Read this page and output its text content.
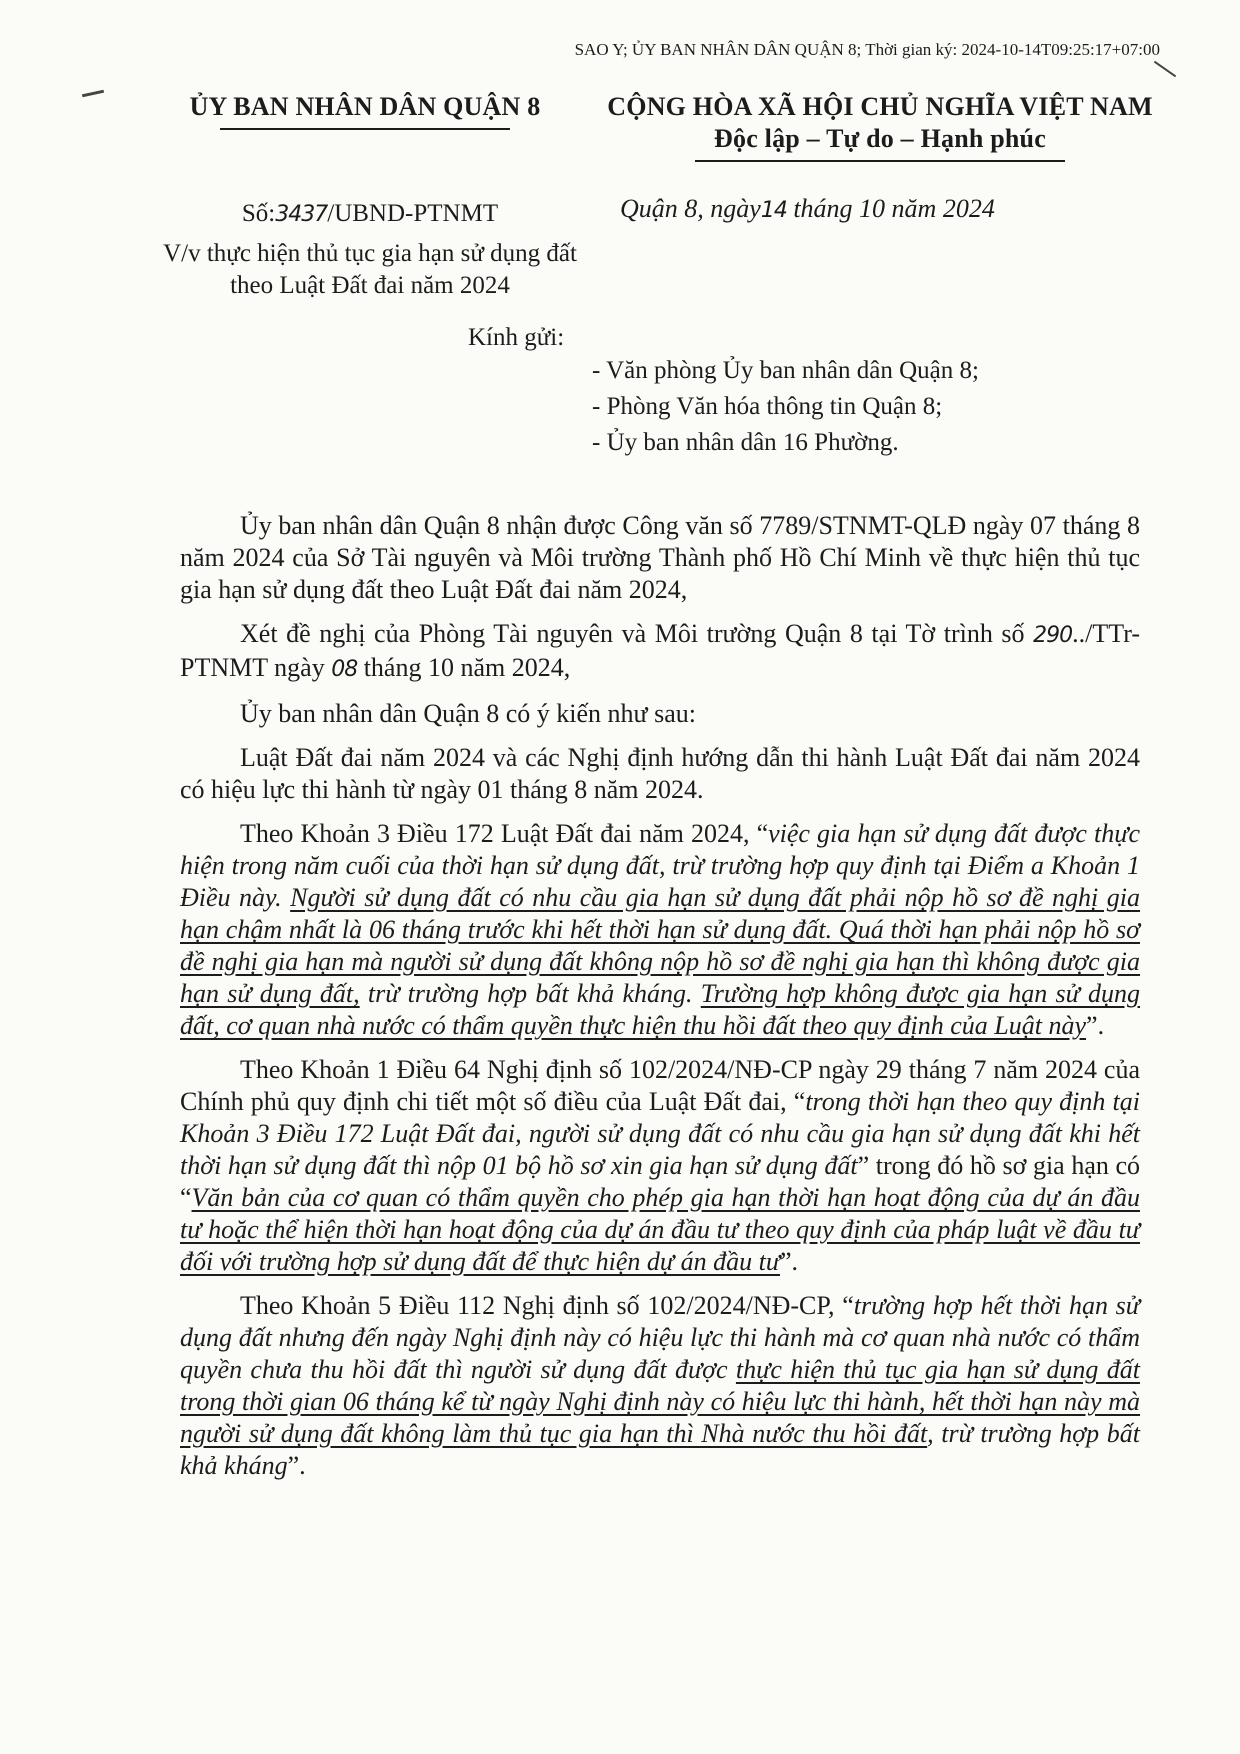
SAO Y; ỦY BAN NHÂN DÂN QUẬN 8; Thời gian ký: 2024-10-14T09:25:17+07:00
ỦY BAN NHÂN DÂN QUẬN 8	CỘNG HÒA XÃ HỘI CHỦ NGHĨA VIỆT NAM
Độc lập – Tự do – Hạnh phúc
Số:3437/UBND-PTNMT
V/v thực hiện thủ tục gia hạn sử dụng đất
theo Luật Đất đai năm 2024
Quận 8, ngày14 tháng 10 năm 2024
Kính gửi:
- Văn phòng Ủy ban nhân dân Quận 8;
- Phòng Văn hóa thông tin Quận 8;
- Ủy ban nhân dân 16 Phường.

Ủy ban nhân dân Quận 8 nhận được Công văn số 7789/STNMT-QLĐ ngày 07 tháng 8 năm 2024 của Sở Tài nguyên và Môi trường Thành phố Hồ Chí Minh về thực hiện thủ tục gia hạn sử dụng đất theo Luật Đất đai năm 2024,

Xét đề nghị của Phòng Tài nguyên và Môi trường Quận 8 tại Tờ trình số 290../TTr-PTNMT ngày 08 tháng 10 năm 2024,

Ủy ban nhân dân Quận 8 có ý kiến như sau:

Luật Đất đai năm 2024 và các Nghị định hướng dẫn thi hành Luật Đất đai năm 2024 có hiệu lực thi hành từ ngày 01 tháng 8 năm 2024.

Theo Khoản 3 Điều 172 Luật Đất đai năm 2024, “việc gia hạn sử dụng đất được thực hiện trong năm cuối của thời hạn sử dụng đất, trừ trường hợp quy định tại Điểm a Khoản 1 Điều này. Người sử dụng đất có nhu cầu gia hạn sử dụng đất phải nộp hồ sơ đề nghị gia hạn chậm nhất là 06 tháng trước khi hết thời hạn sử dụng đất. Quá thời hạn phải nộp hồ sơ đề nghị gia hạn mà người sử dụng đất không nộp hồ sơ đề nghị gia hạn thì không được gia hạn sử dụng đất, trừ trường hợp bất khả kháng. Trường hợp không được gia hạn sử dụng đất, cơ quan nhà nước có thẩm quyền thực hiện thu hồi đất theo quy định của Luật này”.

Theo Khoản 1 Điều 64 Nghị định số 102/2024/NĐ-CP ngày 29 tháng 7 năm 2024 của Chính phủ quy định chi tiết một số điều của Luật Đất đai, “trong thời hạn theo quy định tại Khoản 3 Điều 172 Luật Đất đai, người sử dụng đất có nhu cầu gia hạn sử dụng đất khi hết thời hạn sử dụng đất thì nộp 01 bộ hồ sơ xin gia hạn sử dụng đất” trong đó hồ sơ gia hạn có “Văn bản của cơ quan có thẩm quyền cho phép gia hạn thời hạn hoạt động của dự án đầu tư hoặc thể hiện thời hạn hoạt động của dự án đầu tư theo quy định của pháp luật về đầu tư đối với trường hợp sử dụng đất để thực hiện dự án đầu tư”.

Theo Khoản 5 Điều 112 Nghị định số 102/2024/NĐ-CP, “trường hợp hết thời hạn sử dụng đất nhưng đến ngày Nghị định này có hiệu lực thi hành mà cơ quan nhà nước có thẩm quyền chưa thu hồi đất thì người sử dụng đất được thực hiện thủ tục gia hạn sử dụng đất trong thời gian 06 tháng kể từ ngày Nghị định này có hiệu lực thi hành, hết thời hạn này mà người sử dụng đất không làm thủ tục gia hạn thì Nhà nước thu hồi đất, trừ trường hợp bất khả kháng”.
